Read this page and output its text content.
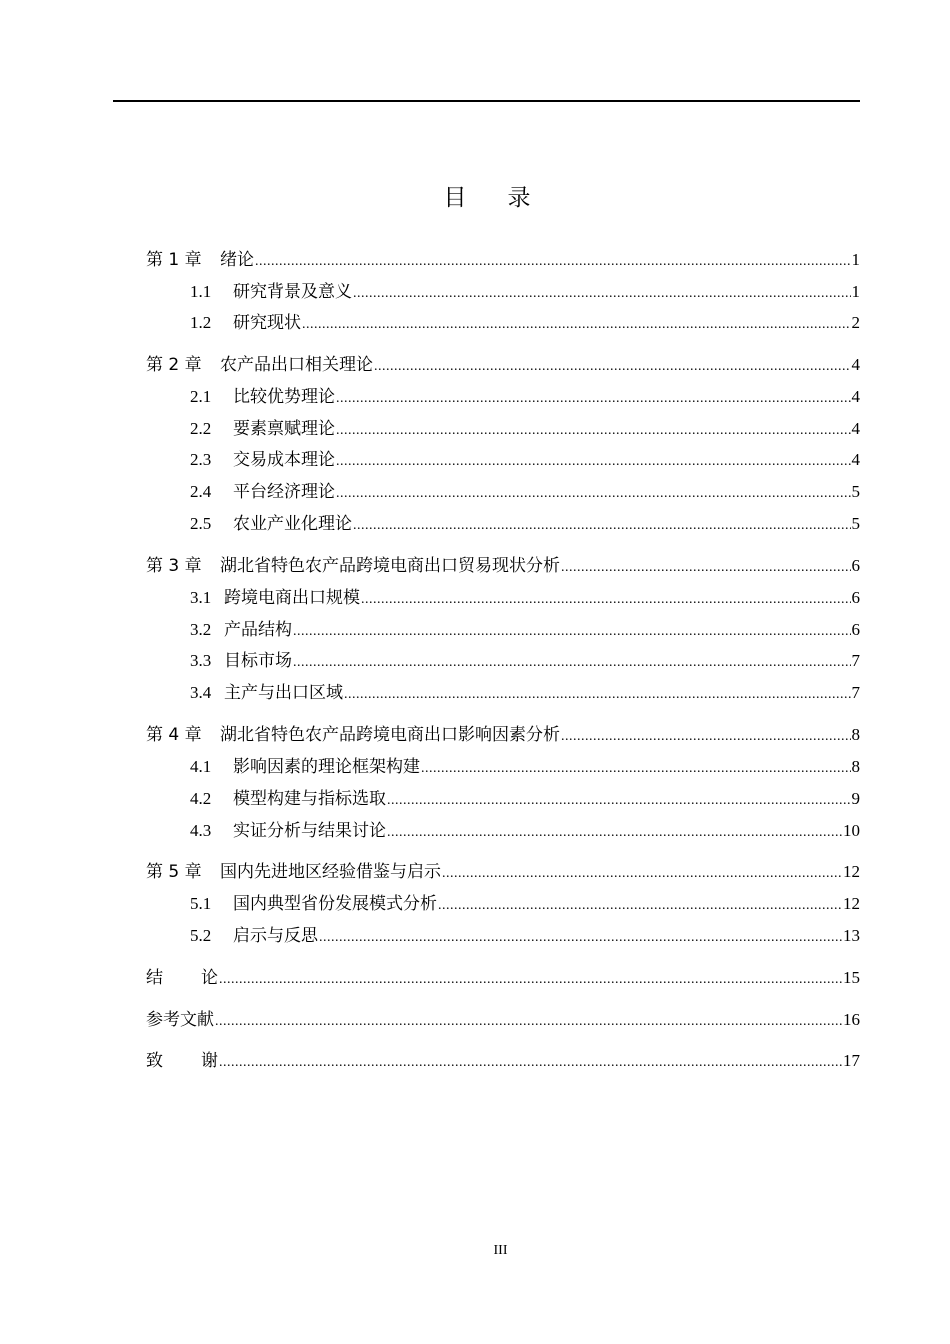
目 录
第 1 章	绪论 .....	1
1.1	研究背景及意义 .....	1
1.2	研究现状 .....	2
第 2 章	农产品出口相关理论 .....	4
2.1	比较优势理论 .....	4
2.2	要素禀赋理论 .....	4
2.3	交易成本理论 .....	4
2.4	平台经济理论 .....	5
2.5	农业产业化理论 .....	5
第 3 章	湖北省特色农产品跨境电商出口贸易现状分析 .....	6
3.1 跨境电商出口规模 .....	6
3.2 产品结构 .....	6
3.3 目标市场 .....	7
3.4 主产与出口区域 .....	7
第 4 章	湖北省特色农产品跨境电商出口影响因素分析 .....	8
4.1	影响因素的理论框架构建 .....	8
4.2	模型构建与指标选取 .....	9
4.3	实证分析与结果讨论 .....	10
第 5 章	国内先进地区经验借鉴与启示 .....	12
5.1	国内典型省份发展模式分析 .....	12
5.2	启示与反思 .....	13
结论 .....	15
参考文献 .....	16
致谢 .....	17
III
